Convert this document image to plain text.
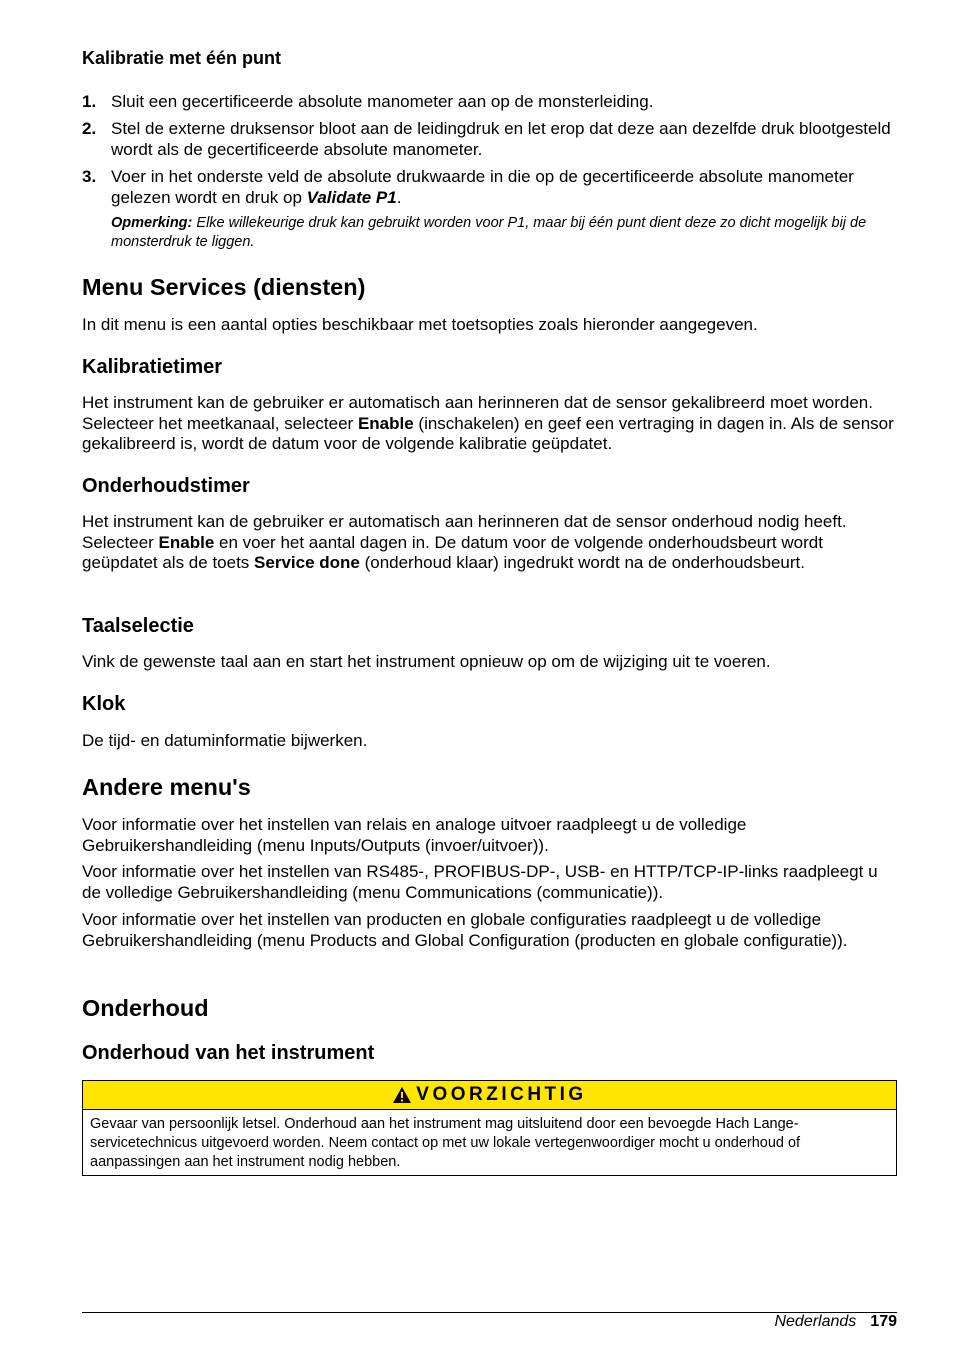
Kalibratie met één punt
1. Sluit een gecertificeerde absolute manometer aan op de monsterleiding.
2. Stel de externe druksensor bloot aan de leidingdruk en let erop dat deze aan dezelfde druk blootgesteld wordt als de gecertificeerde absolute manometer.
3. Voer in het onderste veld de absolute drukwaarde in die op de gecertificeerde absolute manometer gelezen wordt en druk op Validate P1.
Opmerking: Elke willekeurige druk kan gebruikt worden voor P1, maar bij één punt dient deze zo dicht mogelijk bij de monsterdruk te liggen.
Menu Services (diensten)

In dit menu is een aantal opties beschikbaar met toetsopties zoals hieronder aangegeven.

Kalibratietimer

Het instrument kan de gebruiker er automatisch aan herinneren dat de sensor gekalibreerd moet worden. Selecteer het meetkanaal, selecteer Enable (inschakelen) en geef een vertraging in dagen in. Als de sensor gekalibreerd is, wordt de datum voor de volgende kalibratie geüpdatet.

Onderhoudstimer

Het instrument kan de gebruiker er automatisch aan herinneren dat de sensor onderhoud nodig heeft. Selecteer Enable en voer het aantal dagen in. De datum voor de volgende onderhoudsbeurt wordt geüpdatet als de toets Service done (onderhoud klaar) ingedrukt wordt na de onderhoudsbeurt.

Taalselectie

Vink de gewenste taal aan en start het instrument opnieuw op om de wijziging uit te voeren.

Klok

De tijd- en datuminformatie bijwerken.

Andere menu's

Voor informatie over het instellen van relais en analoge uitvoer raadpleegt u de volledige Gebruikershandleiding (menu Inputs/Outputs (invoer/uitvoer)).

Voor informatie over het instellen van RS485-, PROFIBUS-DP-, USB- en HTTP/TCP-IP-links raadpleegt u de volledige Gebruikershandleiding (menu Communications (communicatie)).

Voor informatie over het instellen van producten en globale configuraties raadpleegt u de volledige Gebruikershandleiding (menu Products and Global Configuration (producten en globale configuratie)).

Onderhoud
Onderhoud van het instrument
VOORZICHTIG
Gevaar van persoonlijk letsel. Onderhoud aan het instrument mag uitsluitend door een bevoegde Hach Lange-servicetechnicus uitgevoerd worden. Neem contact op met uw lokale vertegenwoordiger mocht u onderhoud of aanpassingen aan het instrument nodig hebben.
Nederlands 179
